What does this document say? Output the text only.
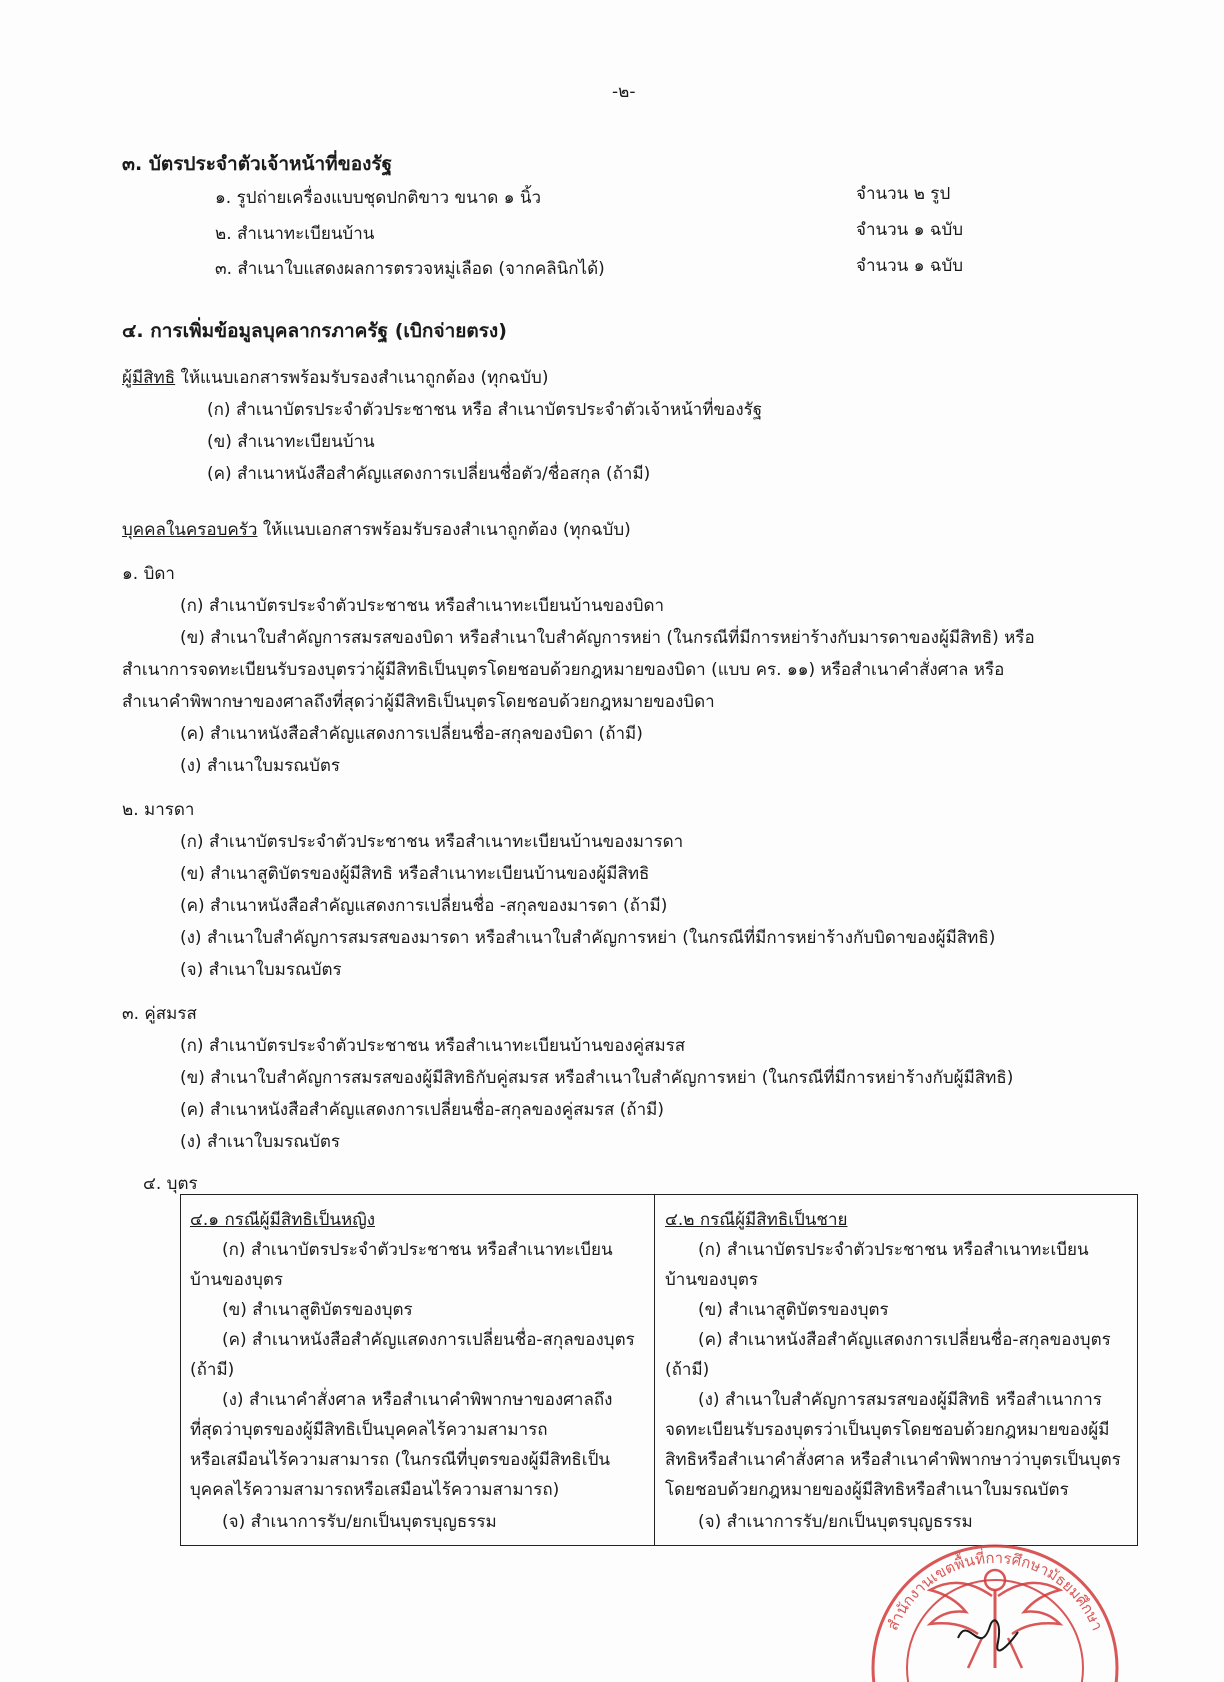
-๒-
๓. บัตรประจำตัวเจ้าหน้าที่ของรัฐ
๑. รูปถ่ายเครื่องแบบชุดปกติขาว ขนาด ๑ นิ้ว	จำนวน ๒ รูป
๒. สำเนาทะเบียนบ้าน	จำนวน ๑ ฉบับ
๓. สำเนาใบแสดงผลการตรวจหมู่เลือด (จากคลินิกได้)	จำนวน ๑ ฉบับ
๔. การเพิ่มข้อมูลบุคลากรภาครัฐ (เบิกจ่ายตรง)
ผู้มีสิทธิ ให้แนบเอกสารพร้อมรับรองสำเนาถูกต้อง (ทุกฉบับ)
(ก) สำเนาบัตรประจำตัวประชาชน หรือ สำเนาบัตรประจำตัวเจ้าหน้าที่ของรัฐ
(ข) สำเนาทะเบียนบ้าน
(ค) สำเนาหนังสือสำคัญแสดงการเปลี่ยนชื่อตัว/ชื่อสกุล (ถ้ามี)
บุคคลในครอบครัว ให้แนบเอกสารพร้อมรับรองสำเนาถูกต้อง (ทุกฉบับ)
๑. บิดา
(ก) สำเนาบัตรประจำตัวประชาชน หรือสำเนาทะเบียนบ้านของบิดา
(ข) สำเนาใบสำคัญการสมรสของบิดา หรือสำเนาใบสำคัญการหย่า (ในกรณีที่มีการหย่าร้างกับมารดาของผู้มีสิทธิ) หรือ
สำเนาการจดทะเบียนรับรองบุตรว่าผู้มีสิทธิเป็นบุตรโดยชอบด้วยกฎหมายของบิดา (แบบ คร. ๑๑) หรือสำเนาคำสั่งศาล หรือ
สำเนาคำพิพากษาของศาลถึงที่สุดว่าผู้มีสิทธิเป็นบุตรโดยชอบด้วยกฎหมายของบิดา
(ค) สำเนาหนังสือสำคัญแสดงการเปลี่ยนชื่อ-สกุลของบิดา (ถ้ามี)
(ง) สำเนาใบมรณบัตร
๒. มารดา
(ก) สำเนาบัตรประจำตัวประชาชน หรือสำเนาทะเบียนบ้านของมารดา
(ข) สำเนาสูติบัตรของผู้มีสิทธิ หรือสำเนาทะเบียนบ้านของผู้มีสิทธิ
(ค) สำเนาหนังสือสำคัญแสดงการเปลี่ยนชื่อ -สกุลของมารดา (ถ้ามี)
(ง) สำเนาใบสำคัญการสมรสของมารดา หรือสำเนาใบสำคัญการหย่า (ในกรณีที่มีการหย่าร้างกับบิดาของผู้มีสิทธิ)
(จ) สำเนาใบมรณบัตร
๓. คู่สมรส
(ก) สำเนาบัตรประจำตัวประชาชน หรือสำเนาทะเบียนบ้านของคู่สมรส
(ข) สำเนาใบสำคัญการสมรสของผู้มีสิทธิกับคู่สมรส หรือสำเนาใบสำคัญการหย่า (ในกรณีที่มีการหย่าร้างกับผู้มีสิทธิ)
(ค) สำเนาหนังสือสำคัญแสดงการเปลี่ยนชื่อ-สกุลของคู่สมรส (ถ้ามี)
(ง) สำเนาใบมรณบัตร
๔. บุตร
๔.๑ กรณีผู้มีสิทธิเป็นหญิง
(ก) สำเนาบัตรประจำตัวประชาชน หรือสำเนาทะเบียน
บ้านของบุตร
(ข) สำเนาสูติบัตรของบุตร
(ค) สำเนาหนังสือสำคัญแสดงการเปลี่ยนชื่อ-สกุลของบุตร
(ถ้ามี)
(ง) สำเนาคำสั่งศาล หรือสำเนาคำพิพากษาของศาลถึง
ที่สุดว่าบุตรของผู้มีสิทธิเป็นบุคคลไร้ความสามารถ
หรือเสมือนไร้ความสามารถ (ในกรณีที่บุตรของผู้มีสิทธิเป็น
บุคคลไร้ความสามารถหรือเสมือนไร้ความสามารถ)
(จ) สำเนาการรับ/ยกเป็นบุตรบุญธรรม
๔.๒ กรณีผู้มีสิทธิเป็นชาย
(ก) สำเนาบัตรประจำตัวประชาชน หรือสำเนาทะเบียน
บ้านของบุตร
(ข) สำเนาสูติบัตรของบุตร
(ค) สำเนาหนังสือสำคัญแสดงการเปลี่ยนชื่อ-สกุลของบุตร
(ถ้ามี)
(ง) สำเนาใบสำคัญการสมรสของผู้มีสิทธิ หรือสำเนาการ
จดทะเบียนรับรองบุตรว่าเป็นบุตรโดยชอบด้วยกฎหมายของผู้มี
สิทธิหรือสำเนาคำสั่งศาล หรือสำเนาคำพิพากษาว่าบุตรเป็นบุตร
โดยชอบด้วยกฎหมายของผู้มีสิทธิหรือสำเนาใบมรณบัตร
(จ) สำเนาการรับ/ยกเป็นบุตรบุญธรรม
สำนักงานเขตพื้นที่การศึกษามัธยมศึกษา
